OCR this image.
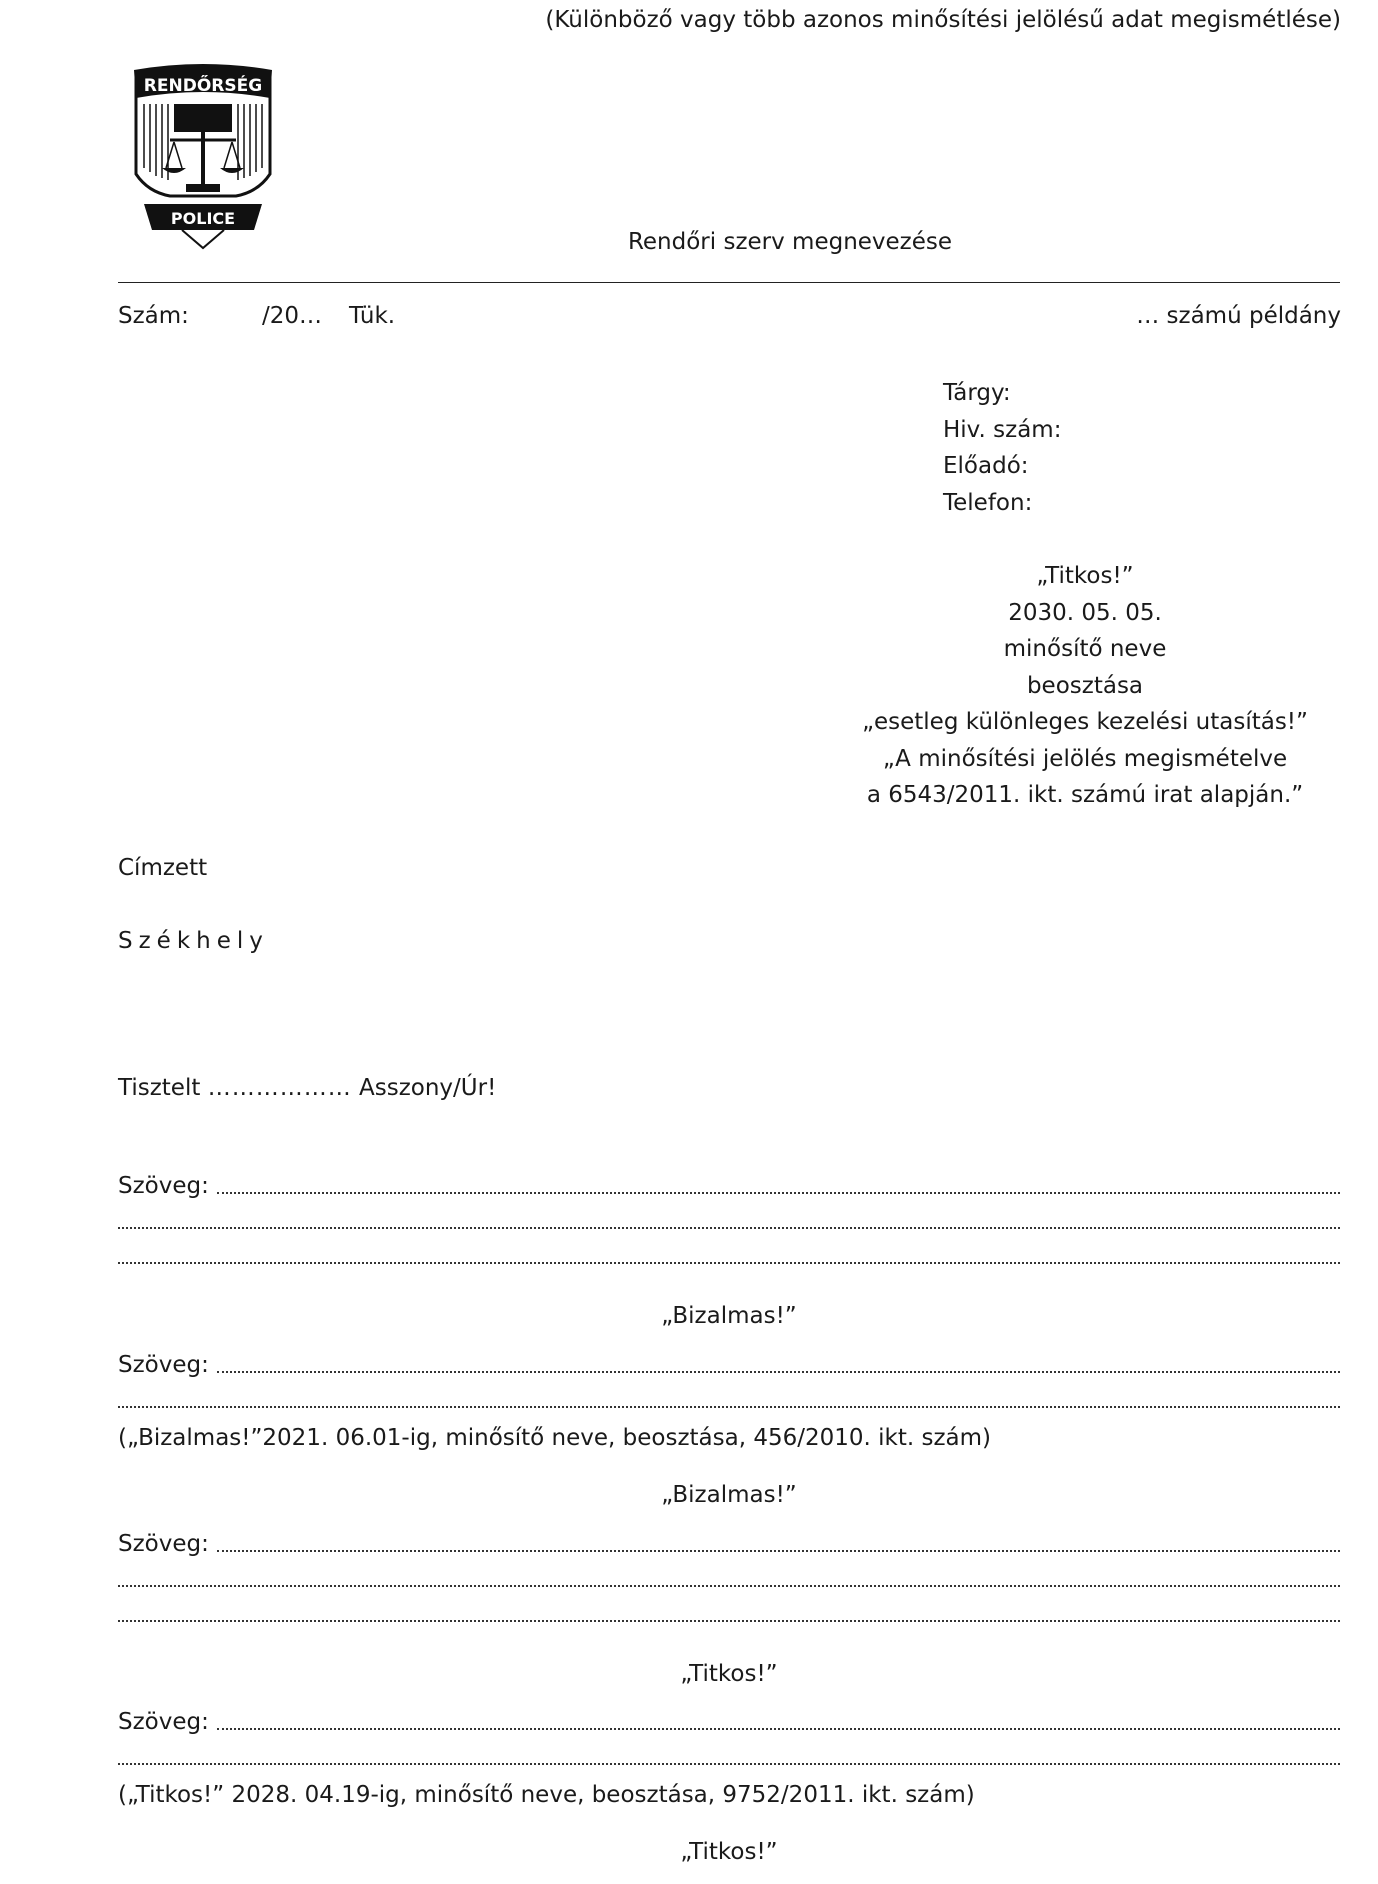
(Különböző vagy több azonos minősítési jelölésű adat megismétlése)
RENDŐRSÉG
POLICE
Rendőri szerv megnevezése
Szám:	/20… Tük.	… számú példány
Tárgy:
Hiv. szám:
Előadó:
Telefon:
„Titkos!”
2030. 05. 05.
minősítő neve
beosztása
„esetleg különleges kezelési utasítás!”
„A minősítési jelölés megismételve
a 6543/2011. ikt. számú irat alapján.”
Címzett
Székhely
Tisztelt ……………… Asszony/Úr!
Szöveg:
„Bizalmas!”
Szöveg:
(„Bizalmas!”2021. 06.01-ig, minősítő neve, beosztása, 456/2010. ikt. szám)
„Bizalmas!”
Szöveg:
„Titkos!”
Szöveg:
(„Titkos!” 2028. 04.19-ig, minősítő neve, beosztása, 9752/2011. ikt. szám)
„Titkos!”
